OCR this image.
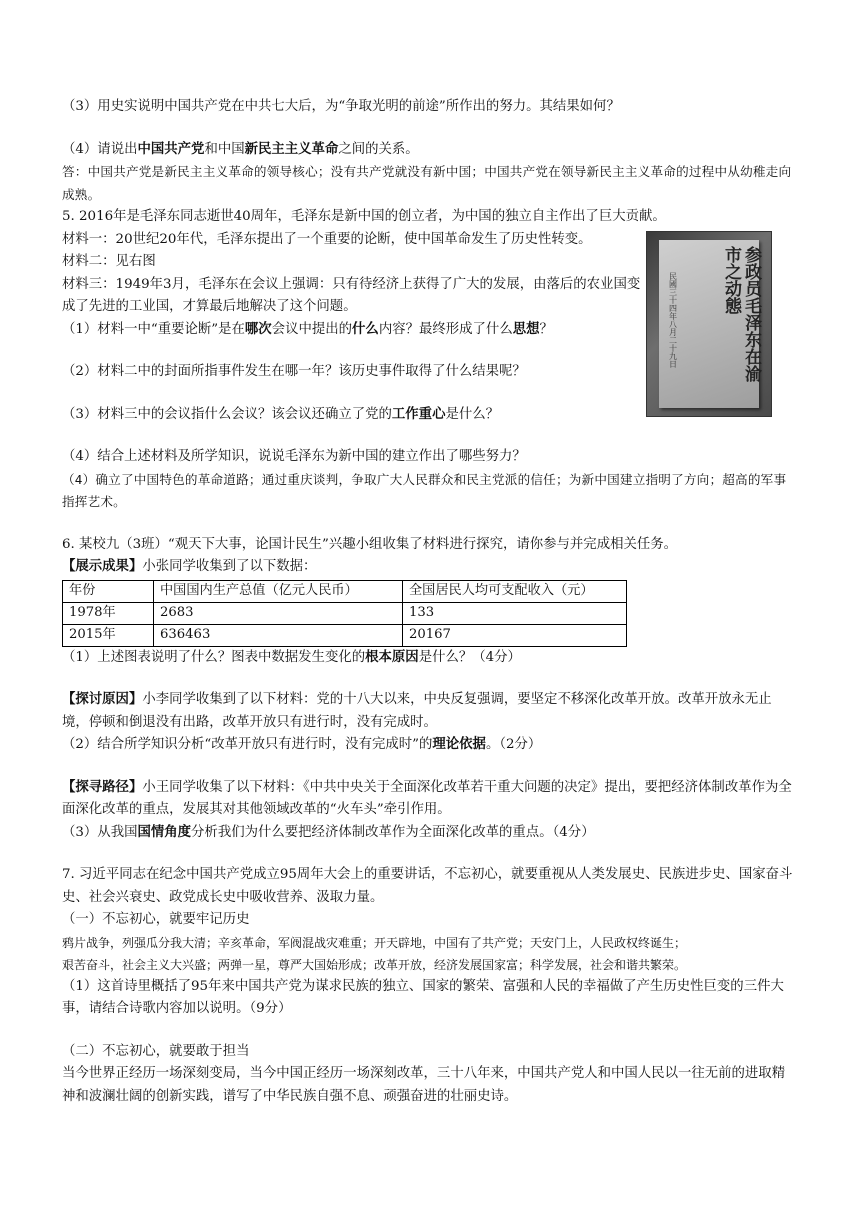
（3）用史实说明中国共产党在中共七大后，为“争取光明的前途”所作出的努力。其结果如何？

（4）请说出中国共产党和中国新民主主义革命之间的关系。

答：中国共产党是新民主主义革命的领导核心；没有共产党就没有新中国；中国共产党在领导新民主主义革命的过程中从幼稚走向成熟。

5. 2016年是毛泽东同志逝世40周年，毛泽东是新中国的创立者，为中国的独立自主作出了巨大贡献。

参政员毛泽东在渝市之动態
民國三十四年八月二十九日

材料一：20世纪20年代，毛泽东提出了一个重要的论断，使中国革命发生了历史性转变。

材料二：见右图

材料三：1949年3月，毛泽东在会议上强调：只有待经济上获得了广大的发展，由落后的农业国变成了先进的工业国，才算最后地解决了这个问题。

（1）材料一中“重要论断”是在哪次会议中提出的什么内容？最终形成了什么思想？

（2）材料二中的封面所指事件发生在哪一年？该历史事件取得了什么结果呢？

（3）材料三中的会议指什么会议？该会议还确立了党的工作重心是什么？

（4）结合上述材料及所学知识，说说毛泽东为新中国的建立作出了哪些努力？

（4）确立了中国特色的革命道路；通过重庆谈判，争取广大人民群众和民主党派的信任；为新中国建立指明了方向；超高的军事指挥艺术。

6. 某校九（3班）“观天下大事，论国计民生”兴趣小组收集了材料进行探究，请你参与并完成相关任务。

【展示成果】小张同学收集到了以下数据：

年份	中国国内生产总值（亿元人民币）	全国居民人均可支配收入（元）
1978年	2683	133
2015年	636463	20167

（1）上述图表说明了什么？图表中数据发生变化的根本原因是什么？（4分）

【探讨原因】小李同学收集到了以下材料：党的十八大以来，中央反复强调，要坚定不移深化改革开放。改革开放永无止境，停顿和倒退没有出路，改革开放只有进行时，没有完成时。

（2）结合所学知识分析“改革开放只有进行时，没有完成时”的理论依据。（2分）

【探寻路径】小王同学收集了以下材料：《中共中央关于全面深化改革若干重大问题的决定》提出，要把经济体制改革作为全面深化改革的重点，发展其对其他领域改革的“火车头”牵引作用。

（3）从我国国情角度分析我们为什么要把经济体制改革作为全面深化改革的重点。（4分）

7. 习近平同志在纪念中国共产党成立95周年大会上的重要讲话，不忘初心，就要重视从人类发展史、民族进步史、国家奋斗史、社会兴衰史、政党成长史中吸收营养、汲取力量。

（一）不忘初心，就要牢记历史

鸦片战争，列强瓜分我大清；辛亥革命，军阀混战灾难重；开天辟地，中国有了共产党；天安门上，人民政权终诞生；

艰苦奋斗，社会主义大兴盛；两弹一星，尊严大国始形成；改革开放，经济发展国家富；科学发展，社会和谐共繁荣。

（1）这首诗里概括了95年来中国共产党为谋求民族的独立、国家的繁荣、富强和人民的幸福做了产生历史性巨变的三件大事，请结合诗歌内容加以说明。（9分）

（二）不忘初心，就要敢于担当

当今世界正经历一场深刻变局，当今中国正经历一场深刻改革，三十八年来，中国共产党人和中国人民以一往无前的进取精神和波澜壮阔的创新实践，谱写了中华民族自强不息、顽强奋进的壮丽史诗。
